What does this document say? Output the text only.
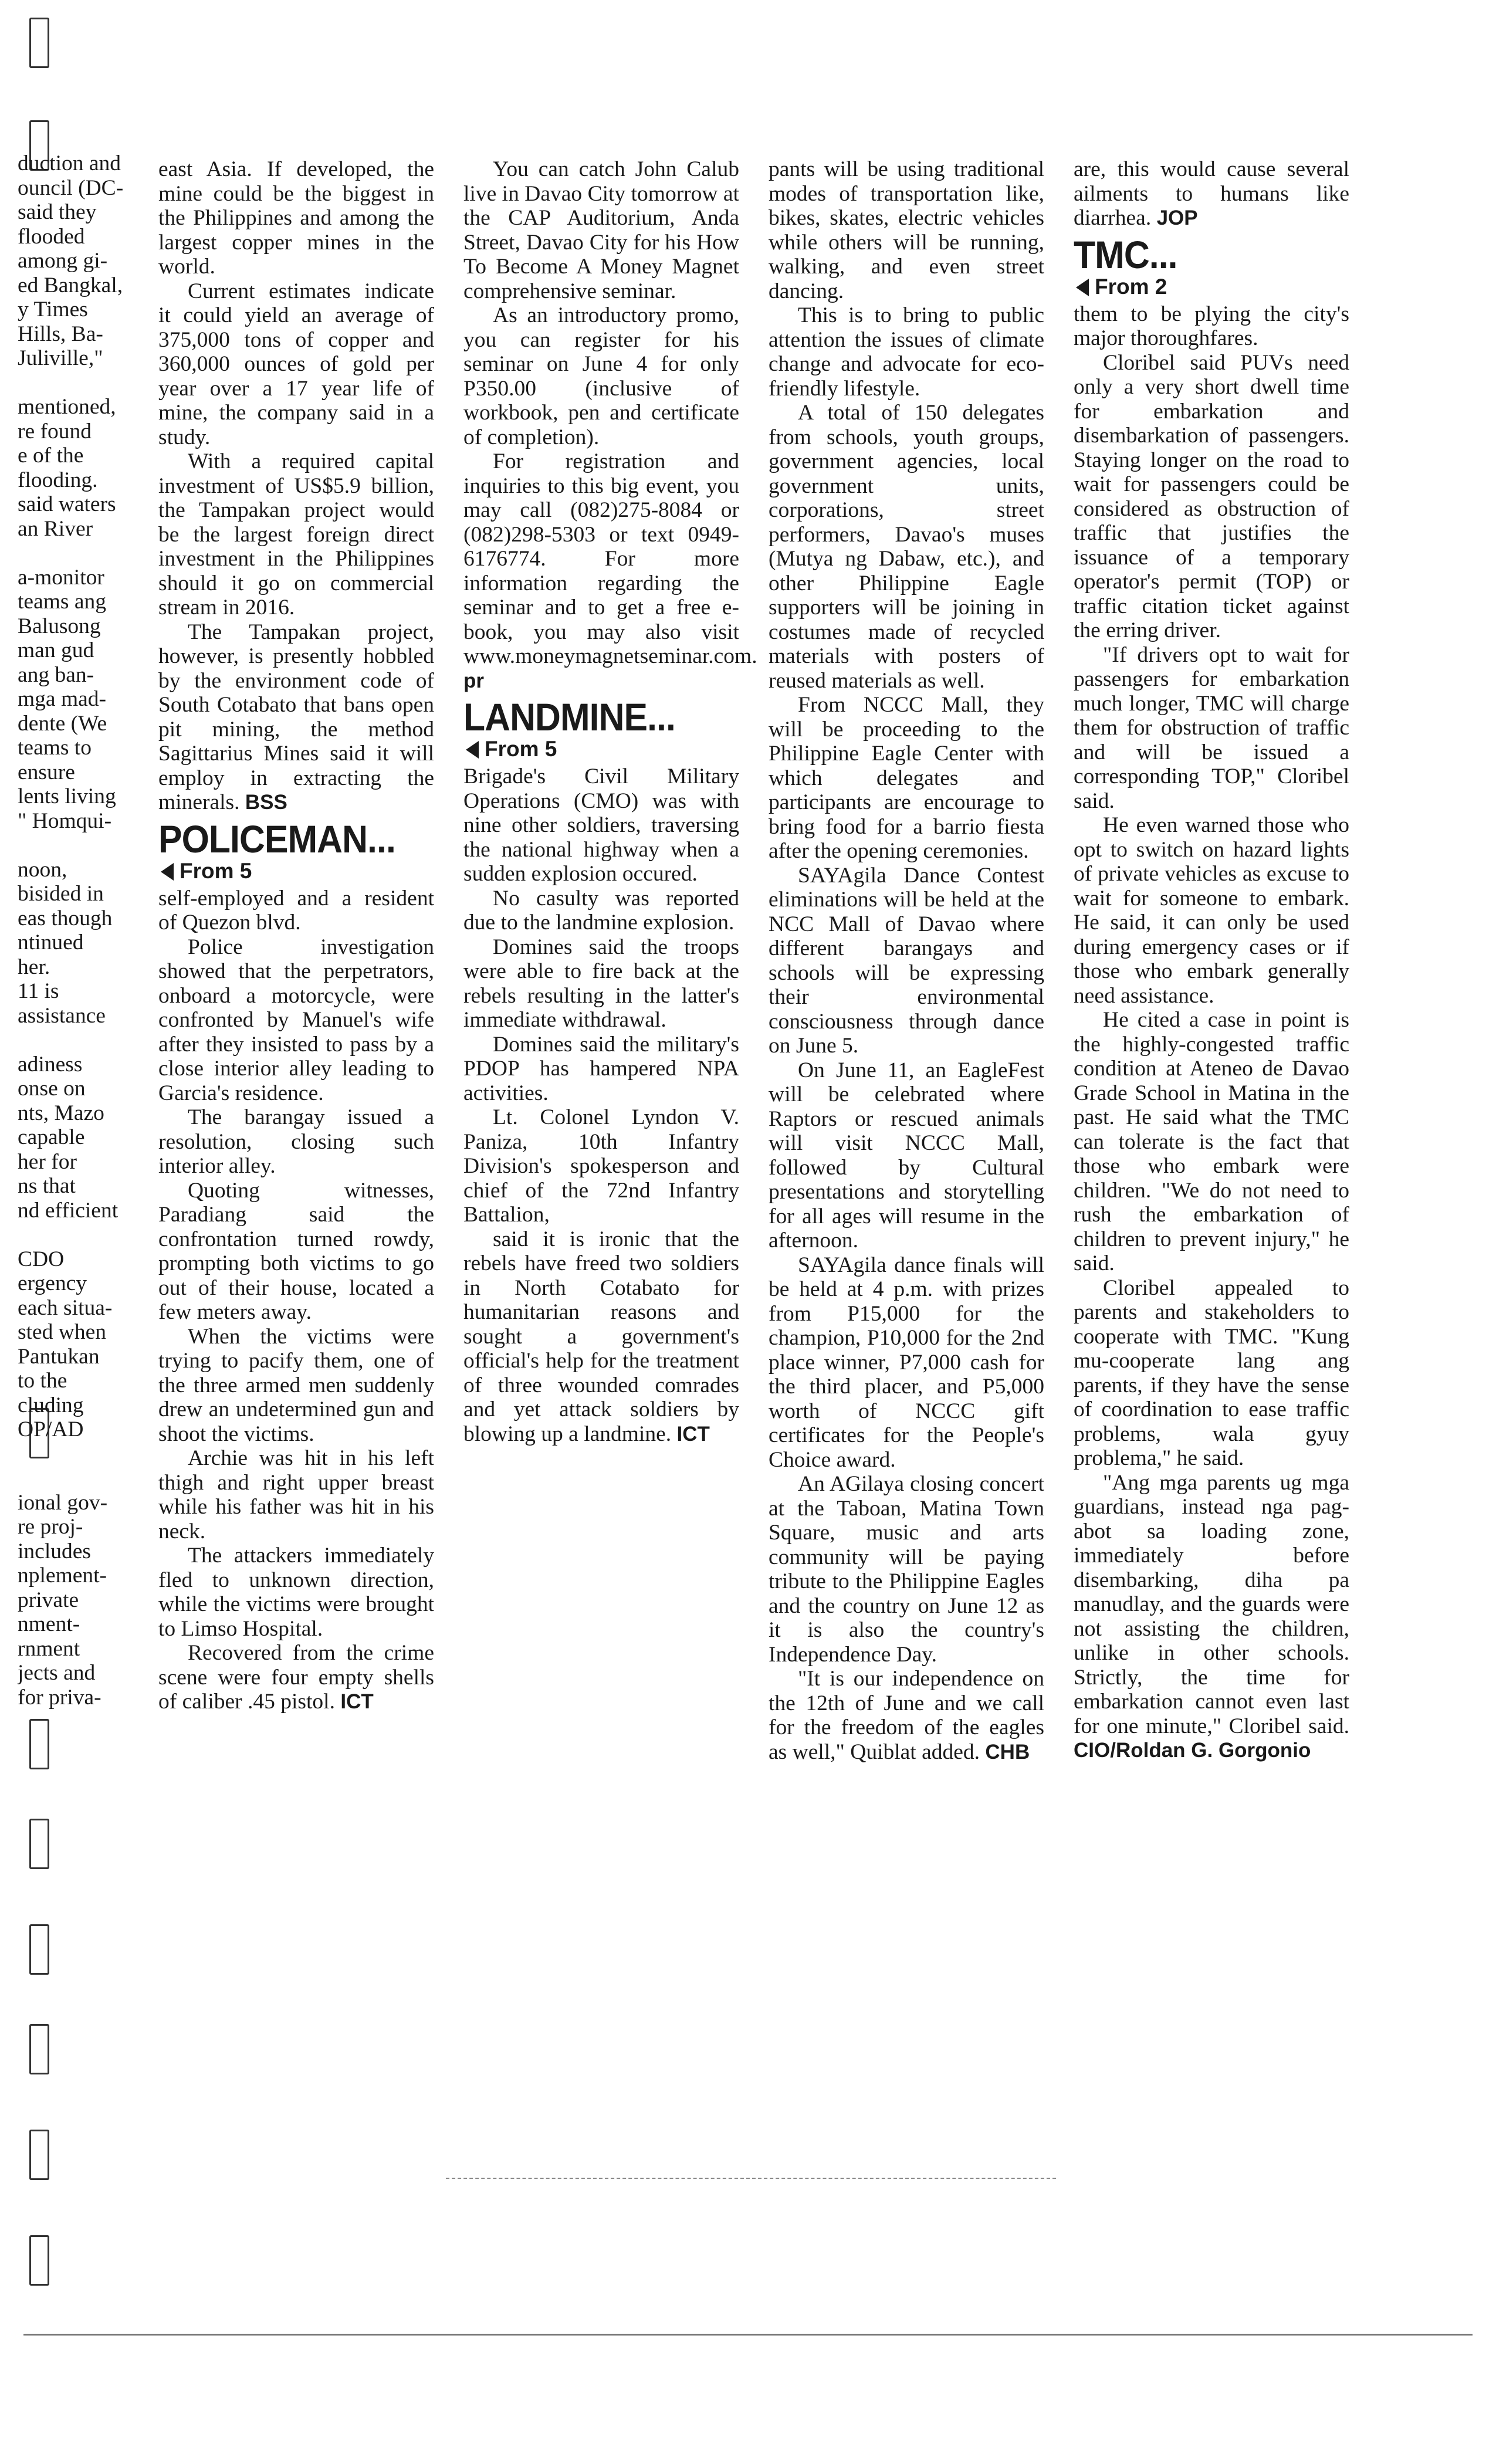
duction and
ouncil (DC-
said they
flooded
among gi-
ed Bangkal,
y Times
Hills, Ba-
Juliville,"

mentioned,
re found
e of the
flooding.
said waters
an River

a-monitor
teams ang
Balusong
man gud
ang ban-
mga mad-
dente (We
teams to
ensure
lents living
" Homqui-

noon,
bisided in
eas though
ntinued
her.
11 is
assistance

adiness
onse on
nts, Mazo
capable
her for
ns that
nd efficient

CDO
ergency
each situa-
sted when
Pantukan
to the
cluding
OP/AD

ional gov-
re proj-
includes
nplement-
private
nment-
rnment
jects and
for priva-

east Asia. If developed, the mine could be the biggest in the Philippines and among the largest copper mines in the world.

Current estimates indicate it could yield an average of 375,000 tons of copper and 360,000 ounces of gold per year over a 17 year life of mine, the company said in a study.

With a required capital investment of US$5.9 billion, the Tampakan project would be the largest foreign direct investment in the Philippines should it go on commercial stream in 2016.

The Tampakan project, however, is presently hobbled by the environment code of South Cotabato that bans open pit mining, the method Sagittarius Mines said it will employ in extracting the minerals. BSS

POLICEMAN...
From 5

self-employed and a resident of Quezon blvd.

Police investigation showed that the perpetrators, onboard a motorcycle, were confronted by Manuel's wife after they insisted to pass by a close interior alley leading to Garcia's residence.

The barangay issued a resolution, closing such interior alley.

Quoting witnesses, Paradiang said the confrontation turned rowdy, prompting both victims to go out of their house, located a few meters away.

When the victims were trying to pacify them, one of the three armed men suddenly drew an undetermined gun and shoot the victims.

Archie was hit in his left thigh and right upper breast while his father was hit in his neck.

The attackers immediately fled to unknown direction, while the victims were brought to Limso Hospital.

Recovered from the crime scene were four empty shells of caliber .45 pistol. ICT

You can catch John Calub live in Davao City tomorrow at the CAP Auditorium, Anda Street, Davao City for his How To Become A Money Magnet comprehensive seminar.

As an introductory promo, you can register for his seminar on June 4 for only P350.00 (inclusive of workbook, pen and certificate of completion).

For registration and inquiries to this big event, you may call (082)275-8084 or (082)298-5303 or text 0949-6176774. For more information regarding the seminar and to get a free e-book, you may also visit www.moneymagnetseminar.com. pr

LANDMINE...
From 5

Brigade's Civil Military Operations (CMO) was with nine other soldiers, traversing the national highway when a sudden explosion occured.

No casulty was reported due to the landmine explosion.

Domines said the troops were able to fire back at the rebels resulting in the latter's immediate withdrawal.

Domines said the military's PDOP has hampered NPA activities.

Lt. Colonel Lyndon V. Paniza, 10th Infantry Division's spokesperson and chief of the 72nd Infantry Battalion,

said it is ironic that the rebels have freed two soldiers in North Cotabato for humanitarian reasons and sought a government's official's help for the treatment of three wounded comrades and yet attack soldiers by blowing up a landmine. ICT

pants will be using traditional modes of transportation like, bikes, skates, electric vehicles while others will be running, walking, and even street dancing.

This is to bring to public attention the issues of climate change and advocate for eco-friendly lifestyle.

A total of 150 delegates from schools, youth groups, government agencies, local government units, corporations, street performers, Davao's muses (Mutya ng Dabaw, etc.), and other Philippine Eagle supporters will be joining in costumes made of recycled materials with posters of reused materials as well.

From NCCC Mall, they will be proceeding to the Philippine Eagle Center with which delegates and participants are encourage to bring food for a barrio fiesta after the opening ceremonies.

SAYAgila Dance Contest eliminations will be held at the NCC Mall of Davao where different barangays and schools will be expressing their environmental consciousness through dance on June 5.

On June 11, an EagleFest will be celebrated where Raptors or rescued animals will visit NCCC Mall, followed by Cultural presentations and storytelling for all ages will resume in the afternoon.

SAYAgila dance finals will be held at 4 p.m. with prizes from P15,000 for the champion, P10,000 for the 2nd place winner, P7,000 cash for the third placer, and P5,000 worth of NCCC gift certificates for the People's Choice award.

An AGilaya closing concert at the Taboan, Matina Town Square, music and arts community will be paying tribute to the Philippine Eagles and the country on June 12 as it is also the country's Independence Day.

"It is our independence on the 12th of June and we call for the freedom of the eagles as well," Quiblat added. CHB

are, this would cause several ailments to humans like diarrhea. JOP

TMC...
From 2

them to be plying the city's major thoroughfares.

Cloribel said PUVs need only a very short dwell time for embarkation and disembarkation of passengers. Staying longer on the road to wait for passengers could be considered as obstruction of traffic that justifies the issuance of a temporary operator's permit (TOP) or traffic citation ticket against the erring driver.

"If drivers opt to wait for passengers for embarkation much longer, TMC will charge them for obstruction of traffic and will be issued a corresponding TOP," Cloribel said.

He even warned those who opt to switch on hazard lights of private vehicles as excuse to wait for someone to embark. He said, it can only be used during emergency cases or if those who embark generally need assistance.

He cited a case in point is the highly-congested traffic condition at Ateneo de Davao Grade School in Matina in the past. He said what the TMC can tolerate is the fact that those who embark were children. "We do not need to rush the embarkation of children to prevent injury," he said.

Cloribel appealed to parents and stakeholders to cooperate with TMC. "Kung mu-cooperate lang ang parents, if they have the sense of coordination to ease traffic problems, wala gyuy problema," he said.

"Ang mga parents ug mga guardians, instead nga pag-abot sa loading zone, immediately before disembarking, diha pa manudlay, and the guards were not assisting the children, unlike in other schools. Strictly, the time for embarkation cannot even last for one minute," Cloribel said. CIO/Roldan G. Gorgonio
